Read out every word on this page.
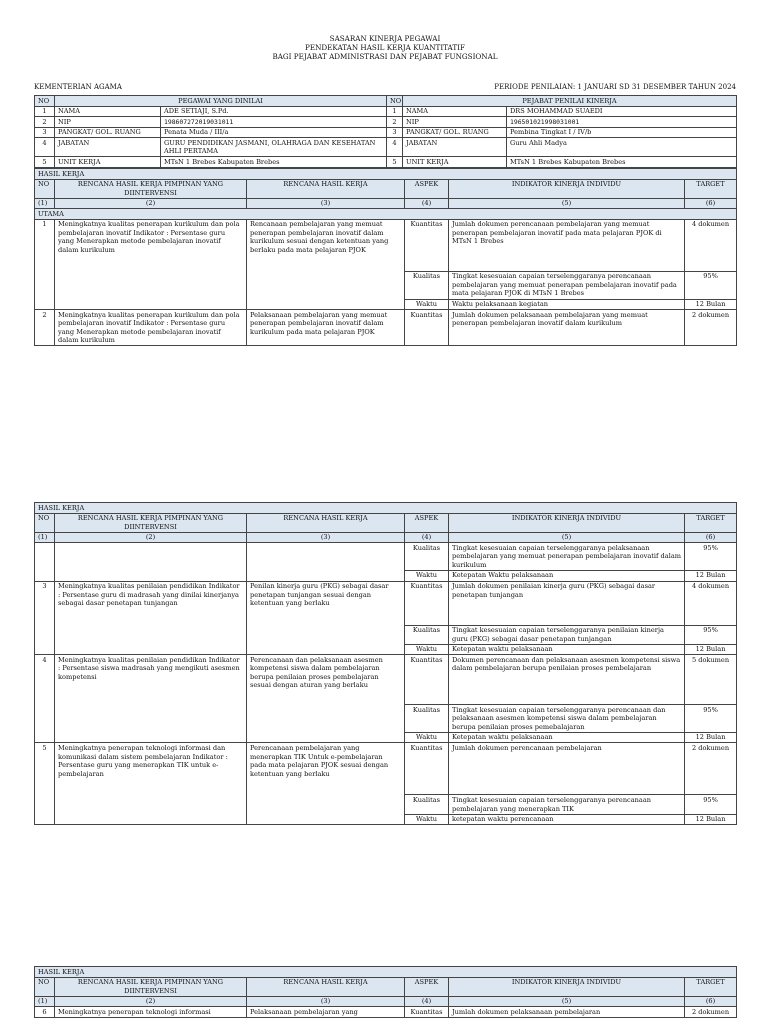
SASARAN KINERJA PEGAWAI
PENDEKATAN HASIL KERJA KUANTITATIF
BAGI PEJABAT ADMINISTRASI DAN PEJABAT FUNGSIONAL
KEMENTERIAN AGAMA	PERIODE PENILAIAN: 1 JANUARI SD 31 DESEMBER TAHUN 2024
NO	PEGAWAI YANG DINILAI		NO	PEJABAT PENILAI KINERJA	
1	NAMA	ADE SETIAJI, S.Pd.	1	NAMA	DRS MOHAMMAD SUAEDI
2	NIP	198607272019031011	2	NIP	196501021998031001
3	PANGKAT/ GOL. RUANG	Penata Muda / III/a	3	PANGKAT/ GOL. RUANG	Pembina Tingkat I / IV/b
4	JABATAN	GURU PENDIDIKAN JASMANI, OLAHRAGA DAN KESEHATAN AHLI PERTAMA	4	JABATAN	Guru Ahli Madya
5	UNIT KERJA	MTsN 1 Brebes Kabupaten Brebes	5	UNIT KERJA	MTsN 1 Brebes Kabupaten Brebes
HASIL KERJA					
NO	RENCANA HASIL KERJA PIMPINAN YANG DIINTERVENSI	RENCANA HASIL KERJA	ASPEK	INDIKATOR KINERJA INDIVIDU	TARGET
(1)	(2)	(3)	(4)	(5)	(6)
UTAMA					
1	Meningkatnya kualitas penerapan kurikulum dan pola pembelajaran inovatif Indikator : Persentase guru yang Menerapkan metode pembelajaran inovatif dalam kurikulum	Rencanaan pembelajaran yang memuat penerapan pembelajaran inovatif dalam kurikulum sesuai dengan ketentuan yang berlaku pada mata pelajaran PJOK	Kuantitas	Jumlah dokumen perencanaan pembelajaran yang memuat penerapan pembelajaran inovatif pada mata pelajaran PJOK di MTsN 1 Brebes	4 dokumen
			Kualitas	Tingkat kesesuaian capaian terselenggaranya perencanaan pembelajaran yang memuat penerapan pembelajaran inovatif pada mata pelajaran PJOK di MTsN 1 Brebes	95%
			Waktu	Waktu pelaksanaan kegiatan	12 Bulan
2	Meningkatnya kualitas penerapan kurikulum dan pola pembelajaran inovatif Indikator : Persentase guru yang Menerapkan metode pembelajaran inovatif dalam kurikulum	Pelaksanaan pembelajaran yang memuat penerapan pembelajaran inovatif dalam kurikulum pada mata pelajaran PJOK	Kuantitas	Jumlah dokumen pelaksanaan pembelajaran yang memuat penerapan pembelajaran inovatif dalam kurikulum	2 dokumen
HASIL KERJA					
NO	RENCANA HASIL KERJA PIMPINAN YANG DIINTERVENSI	RENCANA HASIL KERJA	ASPEK	INDIKATOR KINERJA INDIVIDU	TARGET
(1)	(2)	(3)	(4)	(5)	(6)
			Kualitas	Tingkat kesesuaian capaian terselenggaranya pelaksanaan pembelajaran yang memuat penerapan pembelajaran inovatif dalam kurikulum	95%
			Waktu	Ketepatan Waktu pelaksanaan	12 Bulan
3	Meningkatnya kualitas penilaian pendidikan Indikator : Persentase guru di madrasah yang dinilai kinerjanya sebagai dasar penetapan tunjangan	Penilan kinerja guru (PKG) sebagai dasar penetapan tunjangan sesuai dengan ketentuan yang berlaku	Kuantitas	Jumlah dokumen penilaian kinerja guru (PKG) sebagai dasar penetapan tunjangan	4 dokumen
			Kualitas	Tingkat kesesuaian capaian terselenggaranya penilaian kinerja guru (PKG) sebagai dasar penetapan tunjangan	95%
			Waktu	Ketepatan waktu pelaksanaan	12 Bulan
4	Meningkatnya kualitas penilaian pendidikan Indikator : Persentase siswa madrasah yang mengikuti asesmen kompetensi	Perencanaan dan pelaksanaan asesmen kompetensi siswa dalam pembelajaran berupa penilaian proses pembelajaran sesuai dengan aturan yang berlaku	Kuantitas	Dokumen perencanaan dan pelaksanaan asesmen kompetensi siswa dalam pembelajaran berupa penilaian proses pembelajaran	5 dokumen
			Kualitas	Tingkat kesesuaian capaian terselenggaranya perencanaan dan pelaksanaan asesmen kompetensi siswa dalam pembelajaran berupa penilaian proses pemebalajaran	95%
			Waktu	Ketepatan waktu pelaksanaan	12 Bulan
5	Meningkatnya penerapan teknologi informasi dan komunikasi dalam sistem pembelajaran Indikator : Persentase guru yang menerapkan TIK untuk e-pembelajaran	Perencanaan pembelajaran yang menerapkan TIK Untuk e-pembelajaran pada mata pelajaran PJOK sesuai dengan ketentuan yang berlaku	Kuantitas	Jumlah dokumen perencanaan pembelajaran	2 dokumen
			Kualitas	Tingkat kesesuaian capaian terselenggaranya perencanaan pembelajaran yang menerapkan TIK	95%
			Waktu	ketepatan waktu perencanaan	12 Bulan
HASIL KERJA					
NO	RENCANA HASIL KERJA PIMPINAN YANG DIINTERVENSI	RENCANA HASIL KERJA	ASPEK	INDIKATOR KINERJA INDIVIDU	TARGET
(1)	(2)	(3)	(4)	(5)	(6)
6	Meningkatnya penerapan teknologi informasi	Pelaksanaan pembelajaran yang	Kuantitas	Jumlah dokumen pelaksanaan pembelajaran	2 dokumen
